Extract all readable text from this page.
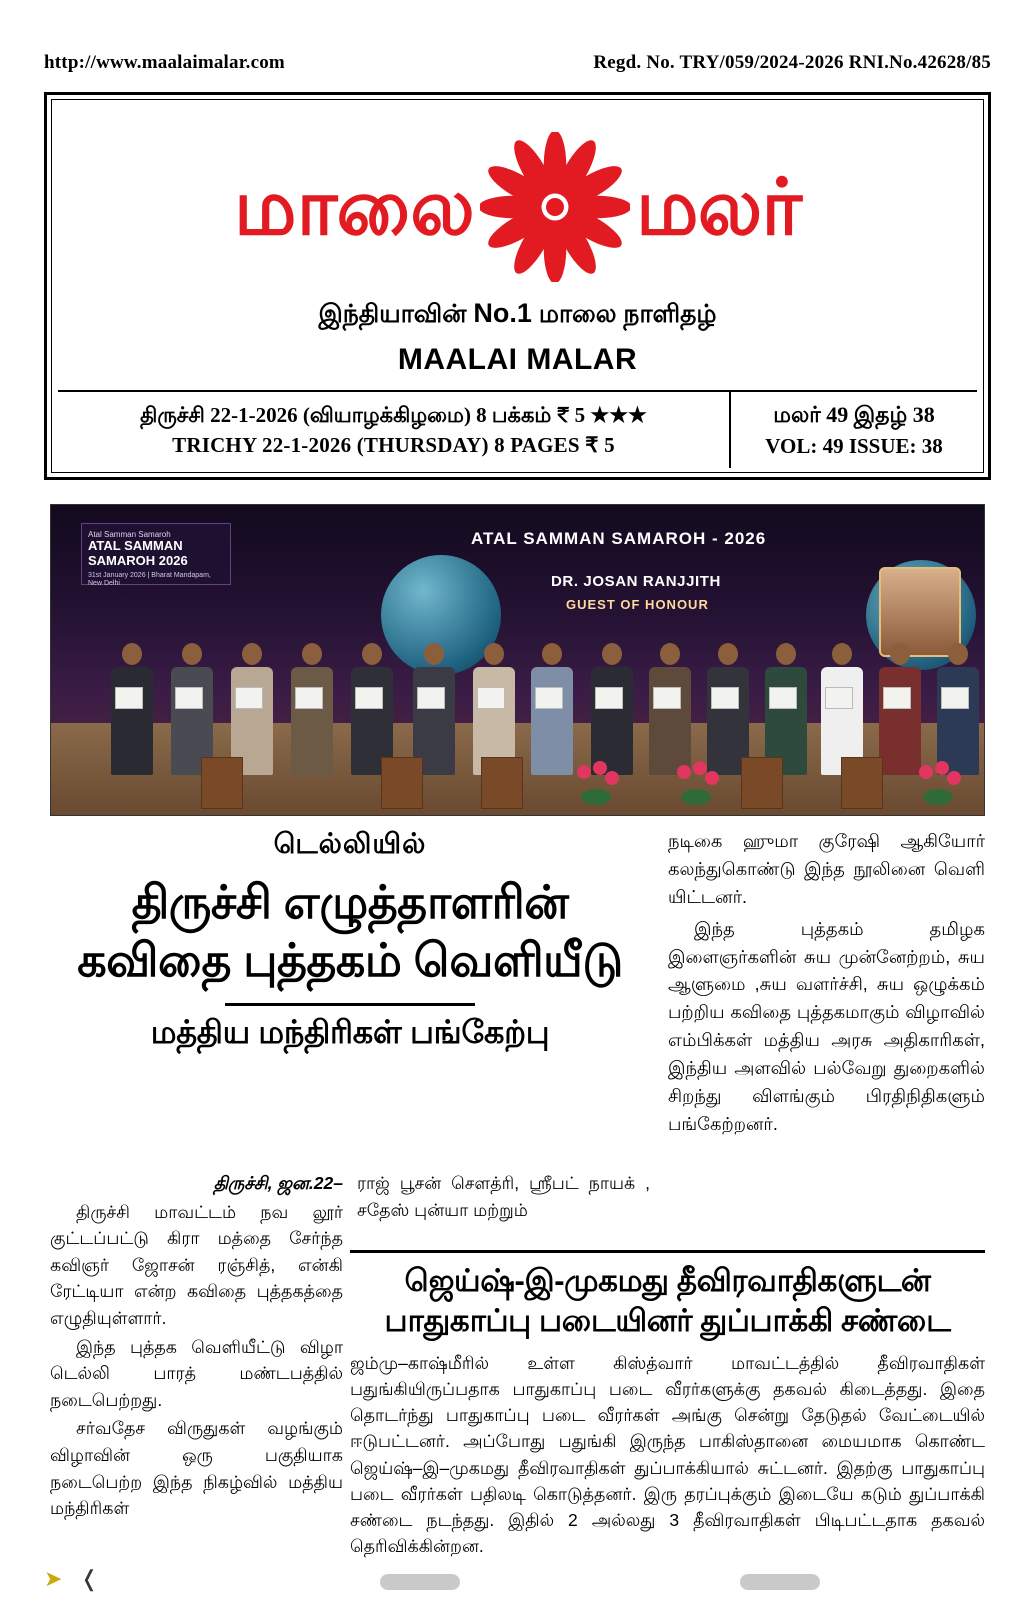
http://www.maalaimalar.com	Regd. No. TRY/059/2024-2026 RNI.No.42628/85
மாலை மலர்
இந்தியாவின் No.1 மாலை நாளிதழ்
MAALAI MALAR
திருச்சி 22-1-2026 (வியாழக்கிழமை) 8 பக்கம் ₹ 5 ★★★
TRICHY 22-1-2026 (THURSDAY) 8 PAGES ₹ 5
மலர் 49 இதழ் 38
VOL: 49 ISSUE: 38
Atal Samman Samaroh
ATAL SAMMAN SAMAROH 2026
31st January 2026 | Bharat Mandapam, New Delhi
ATAL SAMMAN SAMAROH - 2026
DR. JOSAN RANJJITH
GUEST OF HONOUR
டெல்லியில்
திருச்சி எழுத்தாளரின்
கவிதை புத்தகம் வெளியீடு
மத்திய மந்திரிகள் பங்கேற்பு
திருச்சி, ஜன.22–

திருச்சி மாவட்டம் நவ லூர் குட்டப்பட்டு கிரா மத்தை சேர்ந்த கவிஞர் ஜோசன் ரஞ்சித், என்கி ரேட்டியா என்ற கவிதை புத்தகத்தை எழுதியுள்ளார்.

இந்த புத்தக வெளியீட்டு விழா டெல்லி பாரத் மண்டபத்தில் நடைபெற்றது.

சர்வதேச விருதுகள் வழங்கும் விழாவின் ஒரு பகுதியாக நடைபெற்ற இந்த நிகழ்வில் மத்திய மந்திரிகள்

ராஜ் பூசன் சௌத்ரி, ஸ்ரீபட் நாயக் , சதேஸ் புன்யா மற்றும்

நடிகை ஹுமா குரேஷி ஆகியோர் கலந்துகொண்டு இந்த நூலினை வெளி யிட்டனர்.

இந்த புத்தகம் தமிழக இளைஞர்களின் சுய முன்னேற்றம், சுய ஆளுமை ,சுய வளர்ச்சி, சுய ஒழுக்கம் பற்றிய கவிதை புத்தகமாகும் விழாவில் எம்பிக்கள் மத்திய அரசு அதிகாரிகள், இந்திய அளவில் பல்வேறு துறைகளில் சிறந்து விளங்கும் பிரதிநிதிகளும் பங்கேற்றனர்.

ஜெய்ஷ்-இ-முகமது தீவிரவாதிகளுடன்
பாதுகாப்பு படையினர் துப்பாக்கி சண்டை
ஜம்மு–காஷ்மீரில் உள்ள கிஸ்த்வார் மாவட்டத்தில் தீவிரவாதிகள் பதுங்கியிருப்பதாக பாதுகாப்பு படை வீரர்களுக்கு தகவல் கிடைத்தது. இதை தொடர்ந்து பாதுகாப்பு படை வீரர்கள் அங்கு சென்று தேடுதல் வேட்டையில் ஈடுபட்டனர். அப்போது பதுங்கி இருந்த பாகிஸ்தானை மையமாக கொண்ட ஜெய்ஷ்–இ–முகமது தீவிரவாதிகள் துப்பாக்கியால் சுட்டனர். இதற்கு பாதுகாப்பு படை வீரர்கள் பதிலடி கொடுத்தனர். இரு தரப்புக்கும் இடையே கடும் துப்பாக்கி சண்டை நடந்தது. இதில் 2 அல்லது 3 தீவிரவாதிகள் பிடிபட்டதாக தகவல் தெரிவிக்கின்றன.
➤ ❬
